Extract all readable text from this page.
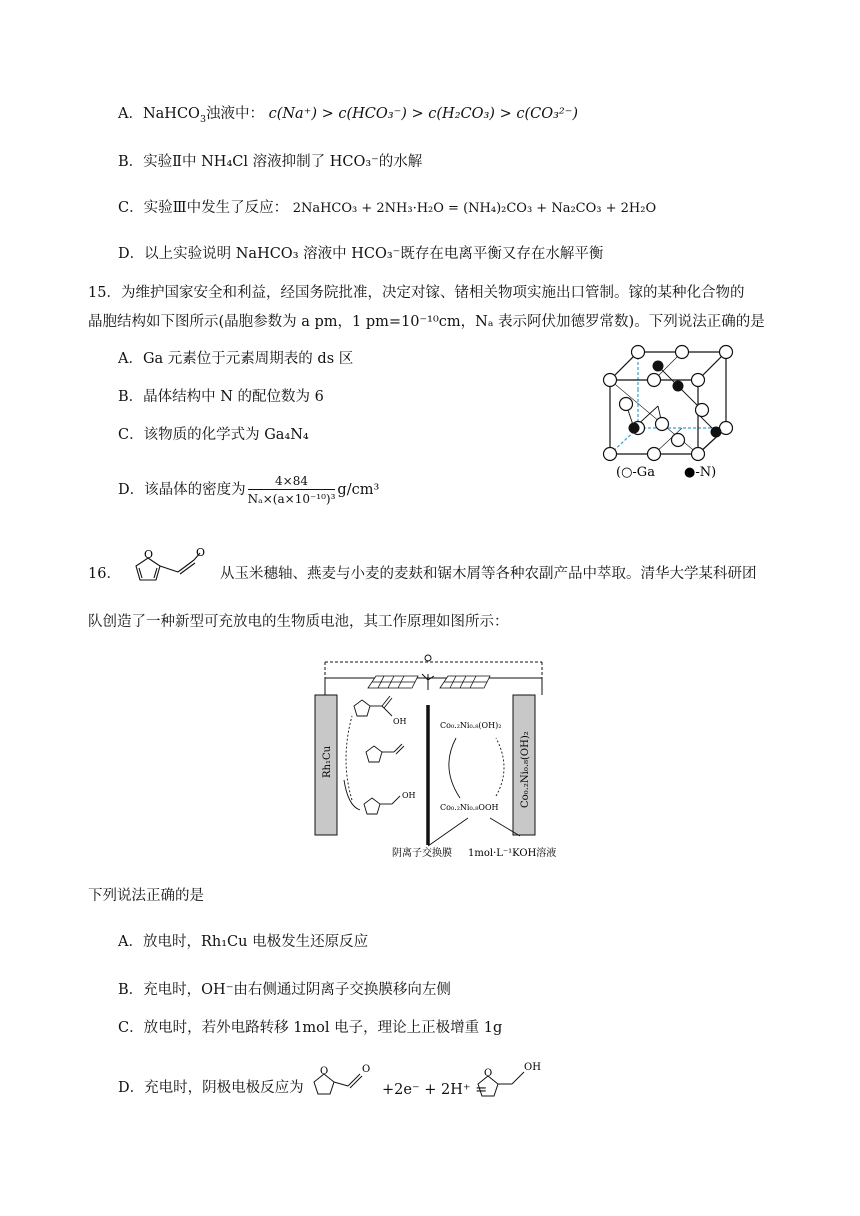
A．NaHCO$_3$浊液中： c(Na⁺) > c(HCO₃⁻) > c(H₂CO₃) > c(CO₃²⁻)
B．实验Ⅱ中 NH₄Cl 溶液抑制了 HCO₃⁻的水解
C．实验Ⅲ中发生了反应： 2NaHCO₃ + 2NH₃·H₂O = (NH₄)₂CO₃ + Na₂CO₃ + 2H₂O
D．以上实验说明 NaHCO₃ 溶液中 HCO₃⁻既存在电离平衡又存在水解平衡
15．为维护国家安全和利益，经国务院批准，决定对镓、锗相关物项实施出口管制。镓的某种化合物的
晶胞结构如下图所示(晶胞参数为 a pm，1 pm=10⁻¹⁰cm，Nₐ 表示阿伏加德罗常数)。下列说法正确的是
A．Ga 元素位于元素周期表的 ds 区
B．晶体结构中 N 的配位数为 6
C．该物质的化学式为 Ga₄N₄
D．该晶体的密度为 $\frac{4\times 84}{\text{Nₐ×(a×10⁻¹⁰)³}} g/cm^3$
(○-Ga ●-N)
16．
O	O
从玉米穗轴、燕麦与小麦的麦麸和锯木屑等各种农副产品中萃取。清华大学某科研团
队创造了一种新型可充放电的生物质电池，其工作原理如图所示：
Rh₁Cu	Co₀.₂Ni₀.₈(OH)₂
OH
OH
Co₀.₂Ni₀.₈(OH)₂
Co₀.₂Ni₀.₈OOH
阴离子交换膜 1mol·L⁻¹KOH溶液
下列说法正确的是
A．放电时，Rh₁Cu 电极发生还原反应
B．充电时，OH⁻由右侧通过阴离子交换膜移向左侧
C．放电时，若外电路转移 1mol 电子，理论上正极增重 1g
D．充电时，阴极电极反应为
O	O
+2e⁻ + 2H⁺ =
O
OH
